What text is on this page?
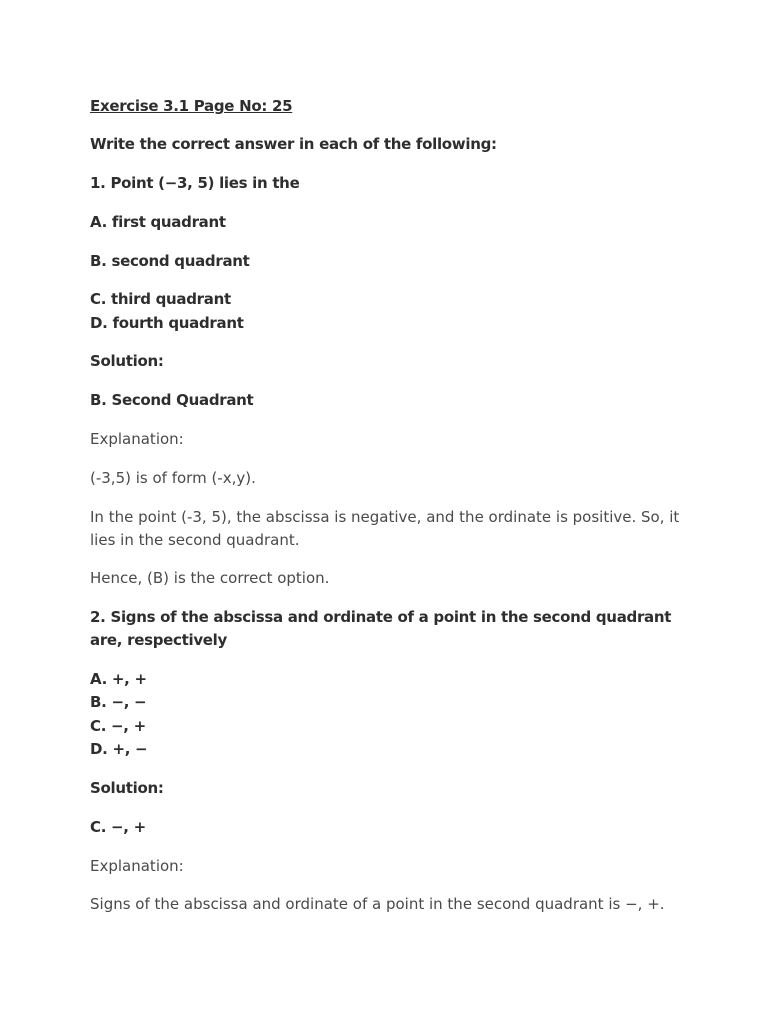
Exercise 3.1 Page No: 25
Write the correct answer in each of the following:
1. Point (−3, 5) lies in the
A. first quadrant
B. second quadrant
C. third quadrant
D. fourth quadrant
Solution:
B. Second Quadrant
Explanation:
(-3,5) is of form (-x,y).
In the point (-3, 5), the abscissa is negative, and the ordinate is positive. So, it lies in the second quadrant.
Hence, (B) is the correct option.
2. Signs of the abscissa and ordinate of a point in the second quadrant are, respectively
A. +, +
B. −, −
C. −, +
D. +, −
Solution:
C. −, +
Explanation:
Signs of the abscissa and ordinate of a point in the second quadrant is −, +.
